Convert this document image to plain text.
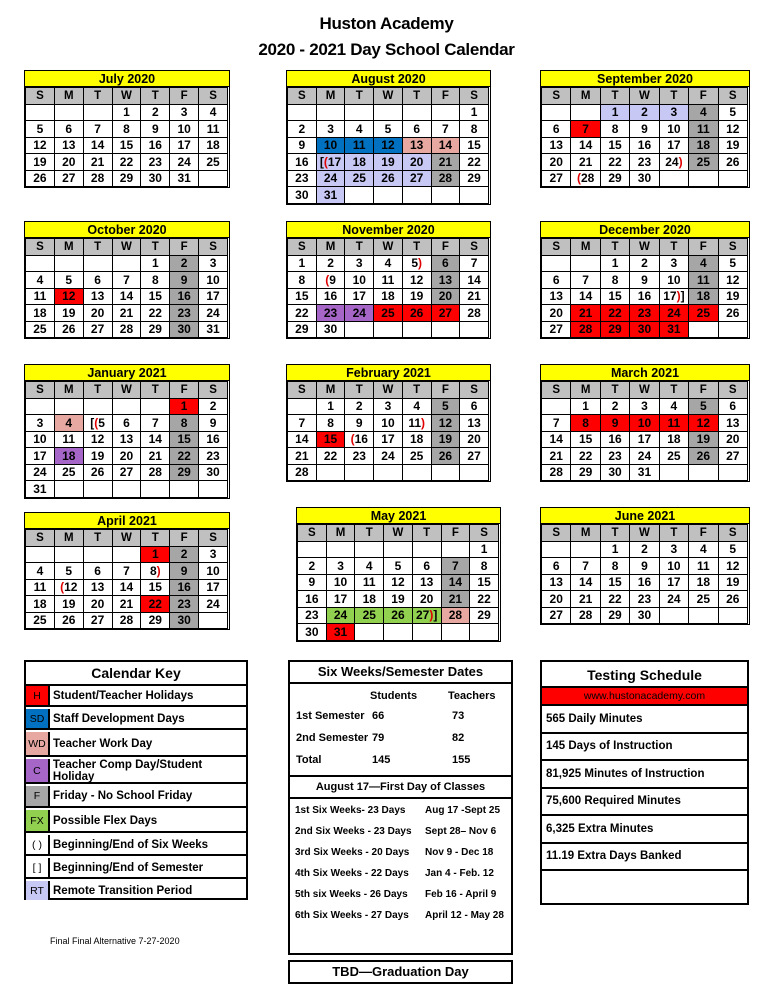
Huston Academy
2020 - 2021 Day School Calendar
July 2020
S	M	T	W	T	F	S
			1	2	3	4
5	6	7	8	9	10	11
12	13	14	15	16	17	18
19	20	21	22	23	24	25
26	27	28	29	30	31	
August 2020
S	M	T	W	T	F	S
						1
2	3	4	5	6	7	8
9	10	11	12	13	14	15
16	[(17	18	19	20	21	22
23	24	25	26	27	28	29
30	31					
September 2020
S	M	T	W	T	F	S
		1	2	3	4	5
6	7	8	9	10	11	12
13	14	15	16	17	18	19
20	21	22	23	24)	25	26
27	(28	29	30			
October 2020
S	M	T	W	T	F	S
				1	2	3
4	5	6	7	8	9	10
11	12	13	14	15	16	17
18	19	20	21	22	23	24
25	26	27	28	29	30	31
November 2020
S	M	T	W	T	F	S
1	2	3	4	5)	6	7
8	(9	10	11	12	13	14
15	16	17	18	19	20	21
22	23	24	25	26	27	28
29	30					
December 2020
S	M	T	W	T	F	S
		1	2	3	4	5
6	7	8	9	10	11	12
13	14	15	16	17)]	18	19
20	21	22	23	24	25	26
27	28	29	30	31		
January 2021
S	M	T	W	T	F	S
					1	2
3	4	[(5	6	7	8	9
10	11	12	13	14	15	16
17	18	19	20	21	22	23
24	25	26	27	28	29	30
31						
February 2021
S	M	T	W	T	F	S
	1	2	3	4	5	6
7	8	9	10	11)	12	13
14	15	(16	17	18	19	20
21	22	23	24	25	26	27
28						
March 2021
S	M	T	W	T	F	S
	1	2	3	4	5	6
7	8	9	10	11	12	13
14	15	16	17	18	19	20
21	22	23	24	25	26	27
28	29	30	31			
April 2021
S	M	T	W	T	F	S
				1	2	3
4	5	6	7	8)	9	10
11	(12	13	14	15	16	17
18	19	20	21	22	23	24
25	26	27	28	29	30	
May 2021
S	M	T	W	T	F	S
						1
2	3	4	5	6	7	8
9	10	11	12	13	14	15
16	17	18	19	20	21	22
23	24	25	26	27)]	28	29
30	31					
June 2021
S	M	T	W	T	F	S
		1	2	3	4	5
6	7	8	9	10	11	12
13	14	15	16	17	18	19
20	21	22	23	24	25	26
27	28	29	30			
Calendar Key
H	Student/Teacher Holidays
SD Staff Development Days
WD Teacher Work Day
C	Teacher Comp Day/Student Holiday
F	Friday - No School Friday
FX Possible Flex Days
( ) Beginning/End of Six Weeks
[ ]	Beginning/End of Semester
RT Remote Transition Period
Six Weeks/Semester Dates
Students	Teachers
1st Semester 66	73
2nd Semester 79	82
Total	145	155
August 17—First Day of Classes
1st Six Weeks- 23 Days Aug 17 -Sept 25
2nd Six Weeks - 23 Days Sept 28– Nov 6
3rd Six Weeks - 20 Days Nov 9 - Dec 18
4th Six Weeks - 22 Days Jan 4 - Feb. 12
5th six Weeks - 26 Days Feb 16 - April 9
6th Six Weeks - 27 Days April 12 - May 28
Testing Schedule
www.hustonacademy.com
565 Daily Minutes
145 Days of Instruction
81,925 Minutes of Instruction
75,600 Required Minutes
6,325 Extra Minutes
11.19 Extra Days Banked
Final Final Alternative 7-27-2020
TBD—Graduation Day
